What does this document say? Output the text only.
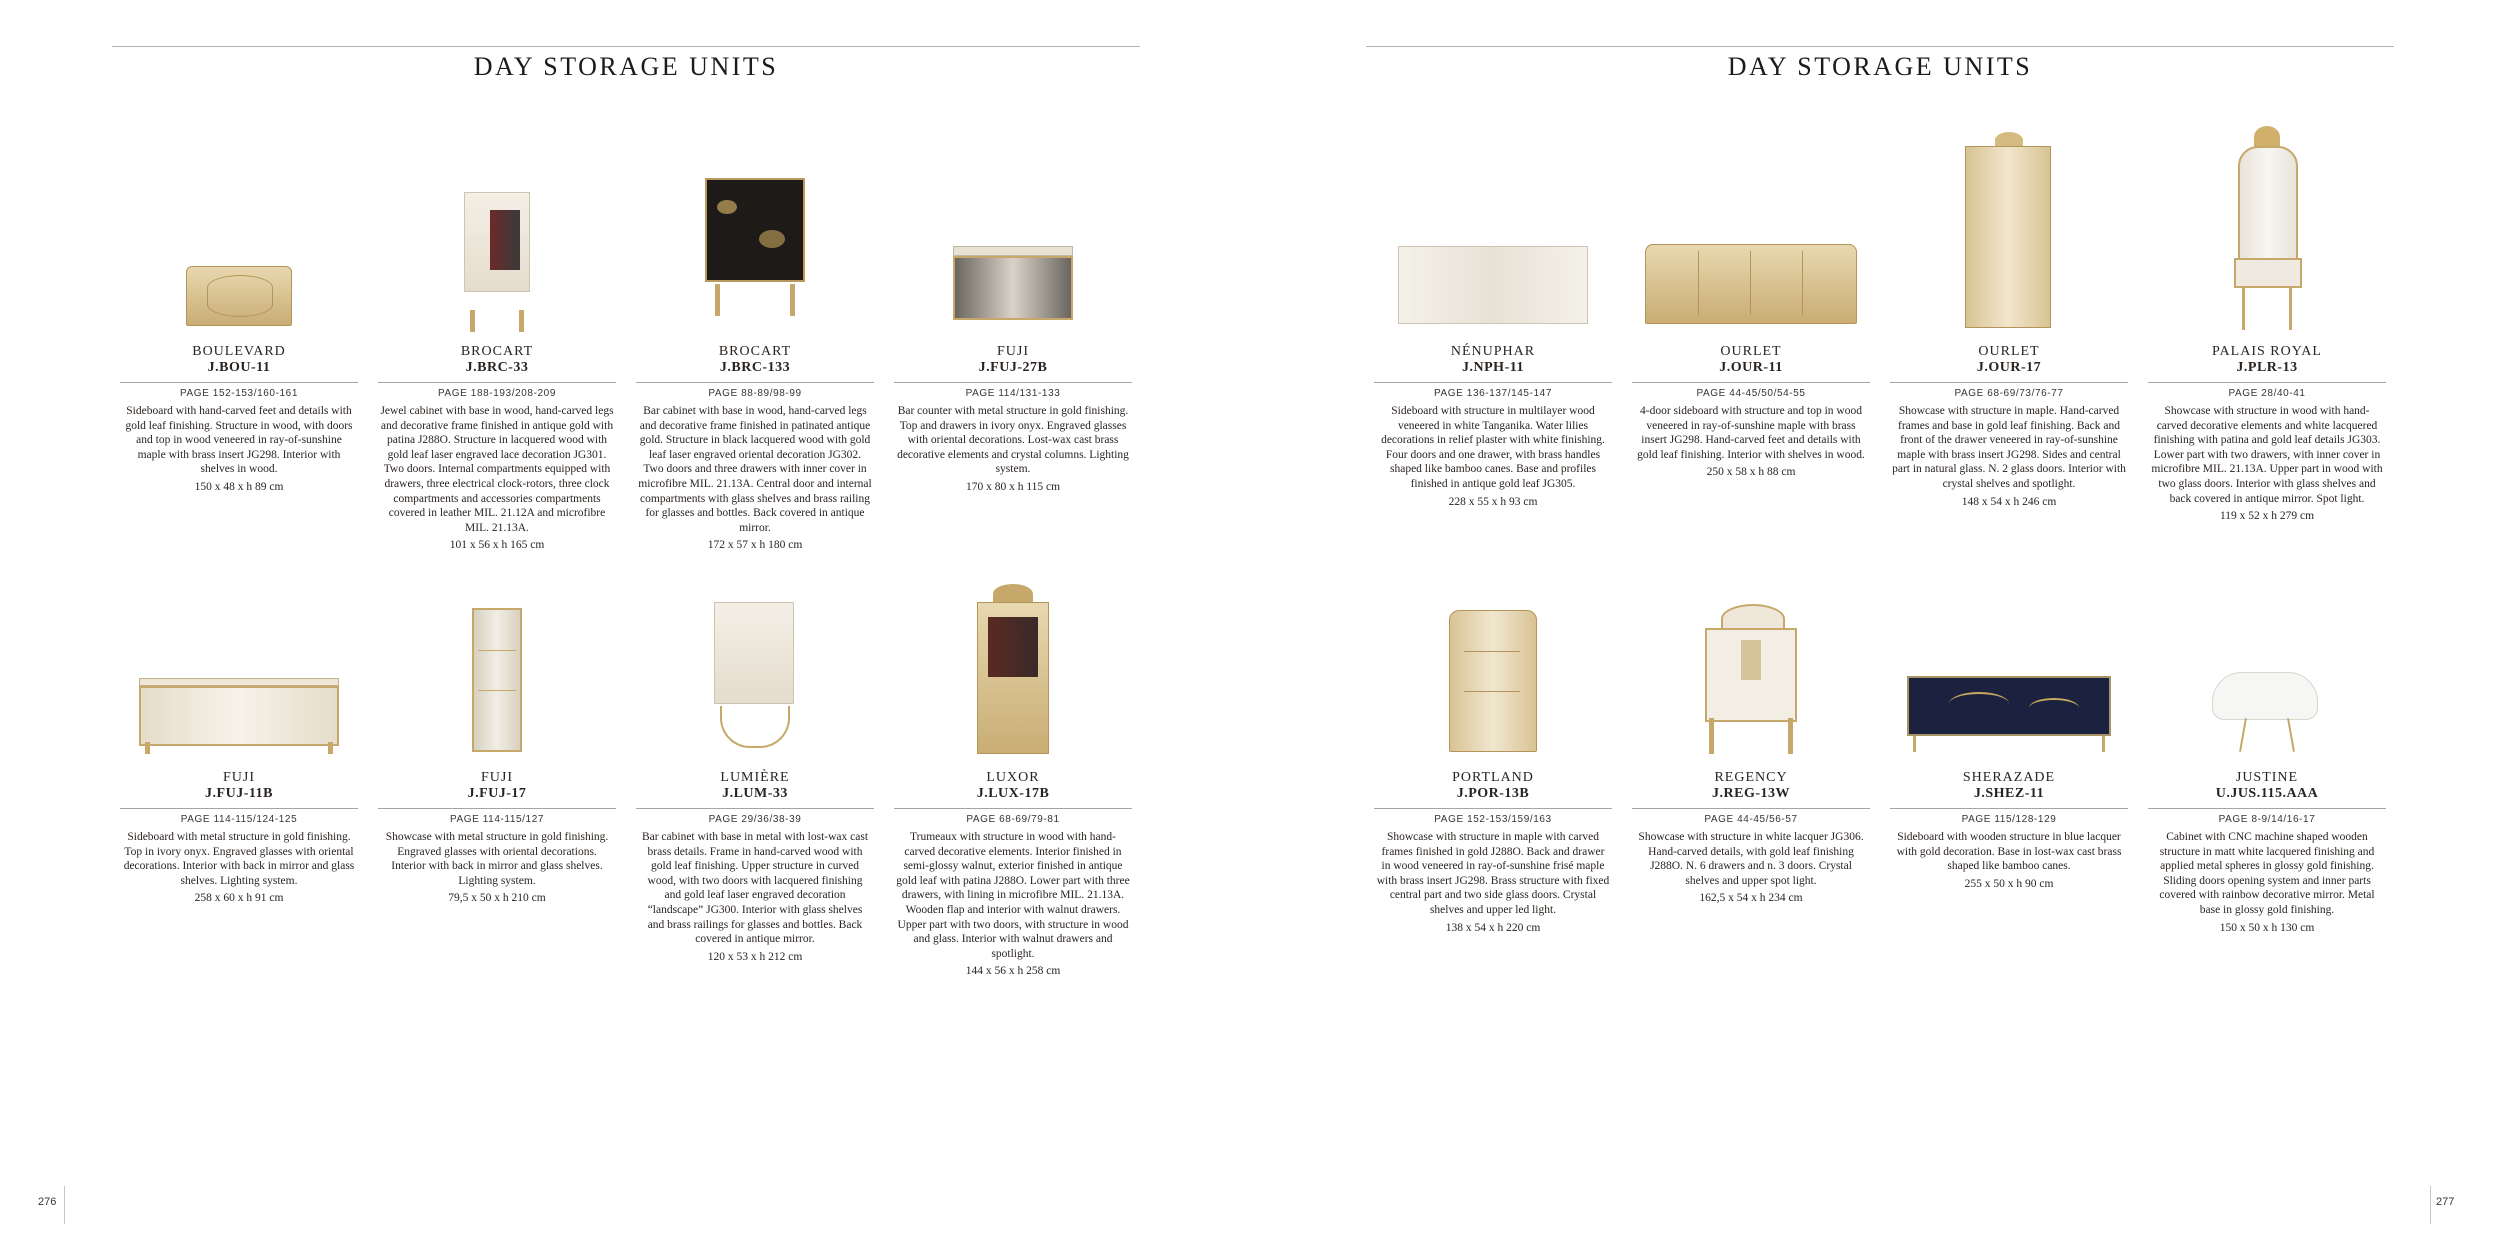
DAY STORAGE UNITS
276
BOULEVARD
J.BOU-11
PAGE 152-153/160-161
Sideboard with hand-carved feet and details with gold leaf finishing. Structure in wood, with doors and top in wood veneered in ray-of-sunshine maple with brass insert JG298. Interior with shelves in wood.
150 x 48 x h 89 cm
BROCART
J.BRC-33
PAGE 188-193/208-209
Jewel cabinet with base in wood, hand-carved legs and decorative frame finished in antique gold with patina J288O. Structure in lacquered wood with gold leaf laser engraved lace decoration JG301. Two doors. Internal compartments equipped with drawers, three electrical clock-rotors, three clock compartments and accessories compartments covered in leather MIL. 21.12A and microfibre MIL. 21.13A.
101 x 56 x h 165 cm
BROCART
J.BRC-133
PAGE 88-89/98-99
Bar cabinet with base in wood, hand-carved legs and decorative frame finished in patinated antique gold. Structure in black lacquered wood with gold leaf laser engraved oriental decoration JG302. Two doors and three drawers with inner cover in microfibre MIL. 21.13A. Central door and internal compartments with glass shelves and brass railing for glasses and bottles. Back covered in antique mirror.
172 x 57 x h 180 cm
FUJI
J.FUJ-27B
PAGE 114/131-133
Bar counter with metal structure in gold finishing. Top and drawers in ivory onyx. Engraved glasses with oriental decorations. Lost-wax cast brass decorative elements and crystal columns. Lighting system.
170 x 80 x h 115 cm
FUJI
J.FUJ-11B
PAGE 114-115/124-125
Sideboard with metal structure in gold finishing. Top in ivory onyx. Engraved glasses with oriental decorations. Interior with back in mirror and glass shelves. Lighting system.
258 x 60 x h 91 cm
FUJI
J.FUJ-17
PAGE 114-115/127
Showcase with metal structure in gold finishing. Engraved glasses with oriental decorations. Interior with back in mirror and glass shelves. Lighting system.
79,5 x 50 x h 210 cm
LUMIÈRE
J.LUM-33
PAGE 29/36/38-39
Bar cabinet with base in metal with lost-wax cast brass details. Frame in hand-carved wood with gold leaf finishing. Upper structure in curved wood, with two doors with lacquered finishing and gold leaf laser engraved decoration “landscape” JG300. Interior with glass shelves and brass railings for glasses and bottles. Back covered in antique mirror.
120 x 53 x h 212 cm
LUXOR
J.LUX-17B
PAGE 68-69/79-81
Trumeaux with structure in wood with hand-carved decorative elements. Interior finished in semi-glossy walnut, exterior finished in antique gold leaf with patina J288O. Lower part with three drawers, with lining in microfibre MIL. 21.13A. Wooden flap and interior with walnut drawers. Upper part with two doors, with structure in wood and glass. Interior with walnut drawers and spotlight.
144 x 56 x h 258 cm
DAY STORAGE UNITS
277
NÉNUPHAR
J.NPH-11
PAGE 136-137/145-147
Sideboard with structure in multilayer wood veneered in white Tanganika. Water lilies decorations in relief plaster with white finishing. Four doors and one drawer, with brass handles shaped like bamboo canes. Base and profiles finished in antique gold leaf JG305.
228 x 55 x h 93 cm
OURLET
J.OUR-11
PAGE 44-45/50/54-55
4-door sideboard with structure and top in wood veneered in ray-of-sunshine maple with brass insert JG298. Hand-carved feet and details with gold leaf finishing. Interior with shelves in wood.
250 x 58 x h 88 cm
OURLET
J.OUR-17
PAGE 68-69/73/76-77
Showcase with structure in maple. Hand-carved frames and base in gold leaf finishing. Back and front of the drawer veneered in ray-of-sunshine maple with brass insert JG298. Sides and central part in natural glass. N. 2 glass doors. Interior with crystal shelves and spotlight.
148 x 54 x h 246 cm
PALAIS ROYAL
J.PLR-13
PAGE 28/40-41
Showcase with structure in wood with hand-carved decorative elements and white lacquered finishing with patina and gold leaf details JG303. Lower part with two drawers, with inner cover in microfibre MIL. 21.13A. Upper part in wood with two glass doors. Interior with glass shelves and back covered in antique mirror. Spot light.
119 x 52 x h 279 cm
PORTLAND
J.POR-13B
PAGE 152-153/159/163
Showcase with structure in maple with carved frames finished in gold J288O. Back and drawer in wood veneered in ray-of-sunshine frisé maple with brass insert JG298. Brass structure with fixed central part and two side glass doors. Crystal shelves and upper led light.
138 x 54 x h 220 cm
REGENCY
J.REG-13W
PAGE 44-45/56-57
Showcase with structure in white lacquer JG306. Hand-carved details, with gold leaf finishing J288O. N. 6 drawers and n. 3 doors. Crystal shelves and upper spot light.
162,5 x 54 x h 234 cm
SHERAZADE
J.SHEZ-11
PAGE 115/128-129
Sideboard with wooden structure in blue lacquer with gold decoration. Base in lost-wax cast brass shaped like bamboo canes.
255 x 50 x h 90 cm
JUSTINE
U.JUS.115.AAA
PAGE 8-9/14/16-17
Cabinet with CNC machine shaped wooden structure in matt white lacquered finishing and applied metal spheres in glossy gold finishing. Sliding doors opening system and inner parts covered with rainbow decorative mirror. Metal base in glossy gold finishing.
150 x 50 x h 130 cm
